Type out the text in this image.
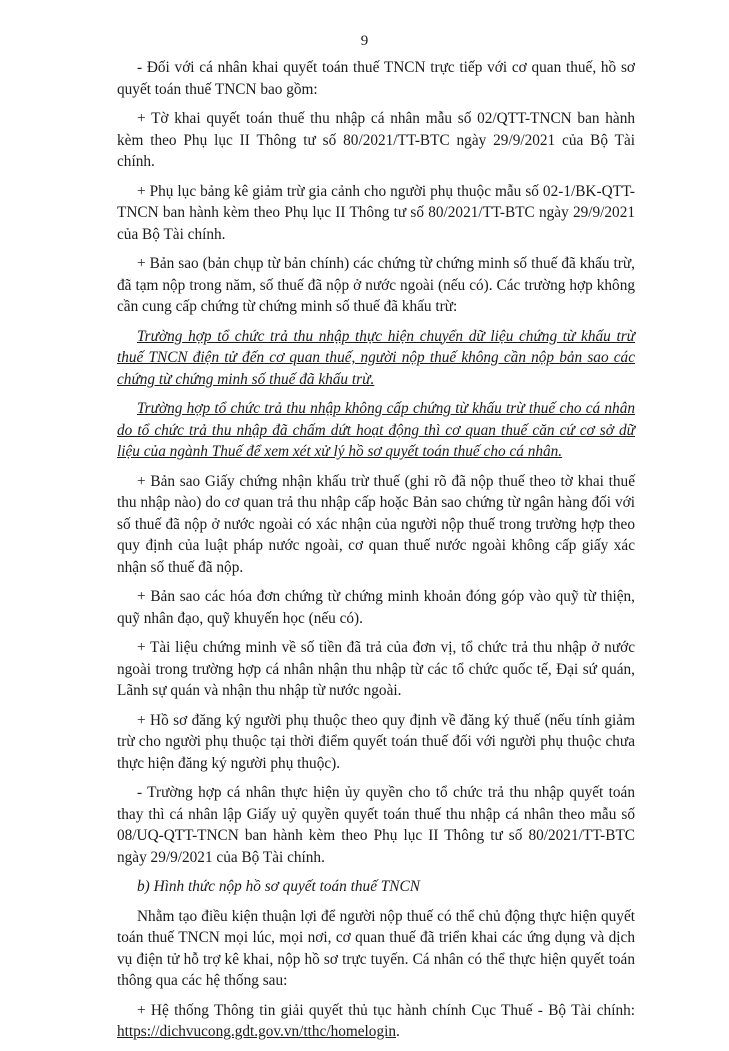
9

- Đối với cá nhân khai quyết toán thuế TNCN trực tiếp với cơ quan thuế, hồ sơ quyết toán thuế TNCN bao gồm:

+ Tờ khai quyết toán thuế thu nhập cá nhân mẫu số 02/QTT-TNCN ban hành kèm theo Phụ lục II Thông tư số 80/2021/TT-BTC ngày 29/9/2021 của Bộ Tài chính.

+ Phụ lục bảng kê giảm trừ gia cảnh cho người phụ thuộc mẫu số 02-1/BK-QTT-TNCN ban hành kèm theo Phụ lục II Thông tư số 80/2021/TT-BTC ngày 29/9/2021 của Bộ Tài chính.

+ Bản sao (bản chụp từ bản chính) các chứng từ chứng minh số thuế đã khấu trừ, đã tạm nộp trong năm, số thuế đã nộp ở nước ngoài (nếu có). Các trường hợp không cần cung cấp chứng từ chứng minh số thuế đã khấu trừ:

Trường hợp tổ chức trả thu nhập thực hiện chuyển dữ liệu chứng từ khấu trừ thuế TNCN điện tử đến cơ quan thuế, người nộp thuế không cần nộp bản sao các chứng từ chứng minh số thuế đã khấu trừ.

Trường hợp tổ chức trả thu nhập không cấp chứng từ khấu trừ thuế cho cá nhân do tổ chức trả thu nhập đã chấm dứt hoạt động thì cơ quan thuế căn cứ cơ sở dữ liệu của ngành Thuế để xem xét xử lý hồ sơ quyết toán thuế cho cá nhân.

+ Bản sao Giấy chứng nhận khấu trừ thuế (ghi rõ đã nộp thuế theo tờ khai thuế thu nhập nào) do cơ quan trả thu nhập cấp hoặc Bản sao chứng từ ngân hàng đối với số thuế đã nộp ở nước ngoài có xác nhận của người nộp thuế trong trường hợp theo quy định của luật pháp nước ngoài, cơ quan thuế nước ngoài không cấp giấy xác nhận số thuế đã nộp.

+ Bản sao các hóa đơn chứng từ chứng minh khoản đóng góp vào quỹ từ thiện, quỹ nhân đạo, quỹ khuyến học (nếu có).

+ Tài liệu chứng minh về số tiền đã trả của đơn vị, tổ chức trả thu nhập ở nước ngoài trong trường hợp cá nhân nhận thu nhập từ các tổ chức quốc tế, Đại sứ quán, Lãnh sự quán và nhận thu nhập từ nước ngoài.

+ Hồ sơ đăng ký người phụ thuộc theo quy định về đăng ký thuế (nếu tính giảm trừ cho người phụ thuộc tại thời điểm quyết toán thuế đối với người phụ thuộc chưa thực hiện đăng ký người phụ thuộc).

- Trường hợp cá nhân thực hiện ủy quyền cho tổ chức trả thu nhập quyết toán thay thì cá nhân lập Giấy uỷ quyền quyết toán thuế thu nhập cá nhân theo mẫu số 08/UQ-QTT-TNCN ban hành kèm theo Phụ lục II Thông tư số 80/2021/TT-BTC ngày 29/9/2021 của Bộ Tài chính.

b) Hình thức nộp hồ sơ quyết toán thuế TNCN

Nhằm tạo điều kiện thuận lợi để người nộp thuế có thể chủ động thực hiện quyết toán thuế TNCN mọi lúc, mọi nơi, cơ quan thuế đã triển khai các ứng dụng và dịch vụ điện tử hỗ trợ kê khai, nộp hồ sơ trực tuyến. Cá nhân có thể thực hiện quyết toán thông qua các hệ thống sau:

+ Hệ thống Thông tin giải quyết thủ tục hành chính Cục Thuế - Bộ Tài chính: https://dichvucong.gdt.gov.vn/tthc/homelogin.
